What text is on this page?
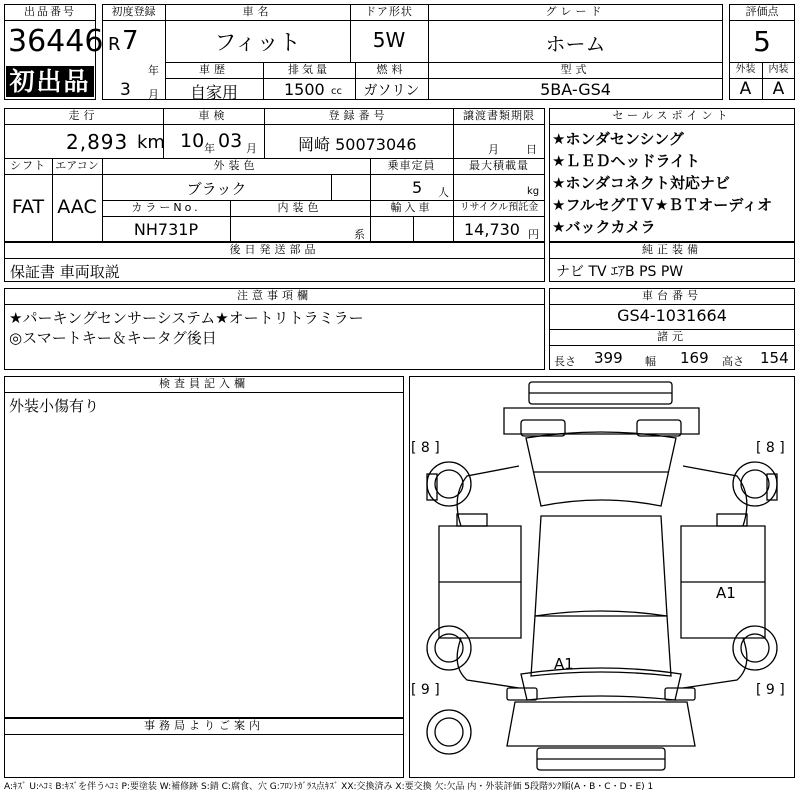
出品番号
36446
初出品
初度登録
R 7
年
3 月
車名
フィット
ドア形状
5W
グレード
ホーム
車歴
自家用
排気量
1500 cc
燃料
ガソリン
型式
5BA-GS4
評価点
5
外装	内装
A	A
走行
2,893 km
車検
10 年 03 月
登録番号
岡崎 50073046
譲渡書類期限
月 日
シフト
FAT
エアコン
AAC
外装色
ブラック
乗車定員
5 人
最大積載量
kg
カラーNo.
NH731P
内装色
系
輸入車	リサイクル預託金
14,730 円
後日発送部品
保証書 車両取説
セールスポイント
★ホンダセンシング
★ＬＥＤヘッドライト
★ホンダコネクト対応ナビ
★フルセグＴＶ★ＢＴオーディオ
★バックカメラ
純正装備
ナビ TV ｴｱB PS PW
注意事項欄
★パーキングセンサーシステム★オートリトラミラー
◎スマートキー＆キータグ後日
車台番号
GS4-1031664
諸元
長さ 399 幅 169 高さ 154
検査員記入欄
外装小傷有り
事務局よりご案内
[ 8 ]	[ 8 ]
[ 9 ]	[ 9 ]
A1
A1
A:ｷｽﾞ U:ﾍｺﾐ B:ｷｽﾞを伴うﾍｺﾐ P:要塗装 W:補修跡 S:錆 C:腐食、穴 G:ﾌﾛﾝﾄｶﾞﾗｽ点ｷｽﾞ XX:交換済み X:要交換 欠:欠品 内・外装評価 5段階ﾗﾝｸ順(A・B・C・D・E) 1
